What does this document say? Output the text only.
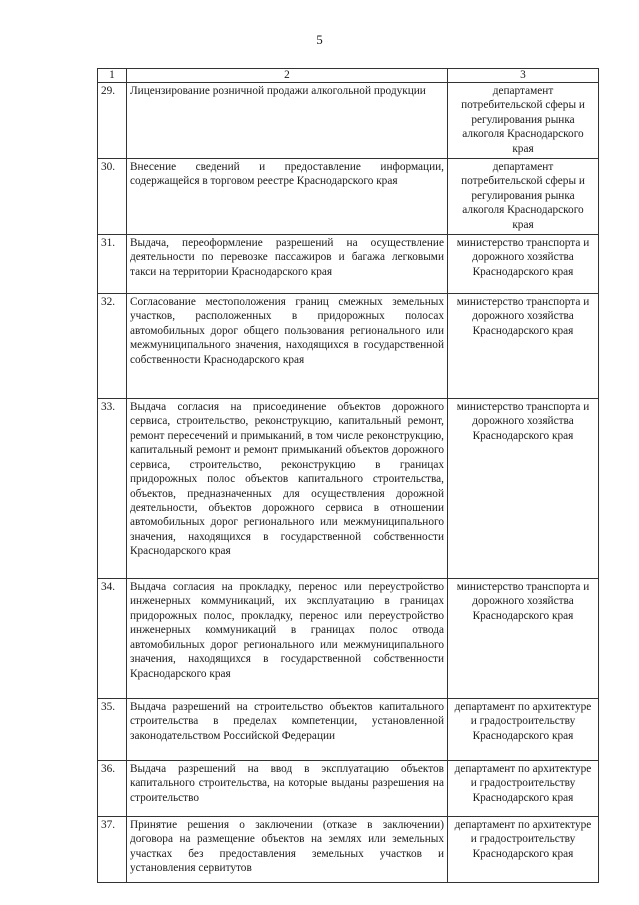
5
1	2	3
29.	Лицензирование розничной продажи алкогольной продукции	департамент потребительской сферы и регулирования рынка алкоголя Краснодарского края
30.	Внесение сведений и предоставление информации, содержащейся в торговом реестре Краснодарского края	департамент потребительской сферы и регулирования рынка алкоголя Краснодарского края
31.	Выдача, переоформление разрешений на осуществление деятельности по перевозке пассажиров и багажа легковыми такси на территории Краснодарского края	министерство транспорта и дорожного хозяйства Краснодарского края
32.	Согласование местоположения границ смежных земельных участков, расположенных в придорожных полосах автомобильных дорог общего пользования регионального или межмуниципального значения, находящихся в государственной собственности Краснодарского края	министерство транспорта и дорожного хозяйства Краснодарского края
33.	Выдача согласия на присоединение объектов дорожного сервиса, строительство, реконструкцию, капитальный ремонт, ремонт пересечений и примыканий, в том числе реконструкцию, капитальный ремонт и ремонт примыканий объектов дорожного сервиса, строительство, реконструкцию в границах придорожных полос объектов капитального строительства, объектов, предназначенных для осуществления дорожной деятельности, объектов дорожного сервиса в отношении автомобильных дорог регионального или межмуниципального значения, находящихся в государственной собственности Краснодарского края	министерство транспорта и дорожного хозяйства Краснодарского края
34.	Выдача согласия на прокладку, перенос или переустройство инженерных коммуникаций, их эксплуатацию в границах придорожных полос, прокладку, перенос или переустройство инженерных коммуникаций в границах полос отвода автомобильных дорог регионального или межмуниципального значения, находящихся в государственной собственности Краснодарского края	министерство транспорта и дорожного хозяйства Краснодарского края
35.	Выдача разрешений на строительство объектов капитального строительства в пределах компетенции, установленной законодательством Российской Федерации	департамент по архитектуре и градостроительству Краснодарского края
36.	Выдача разрешений на ввод в эксплуатацию объектов капитального строительства, на которые выданы разрешения на строительство	департамент по архитектуре и градостроительству Краснодарского края
37.	Принятие решения о заключении (отказе в заключении) договора на размещение объектов на землях или земельных участках без предоставления земельных участков и установления сервитутов	департамент по архитектуре и градостроительству Краснодарского края
